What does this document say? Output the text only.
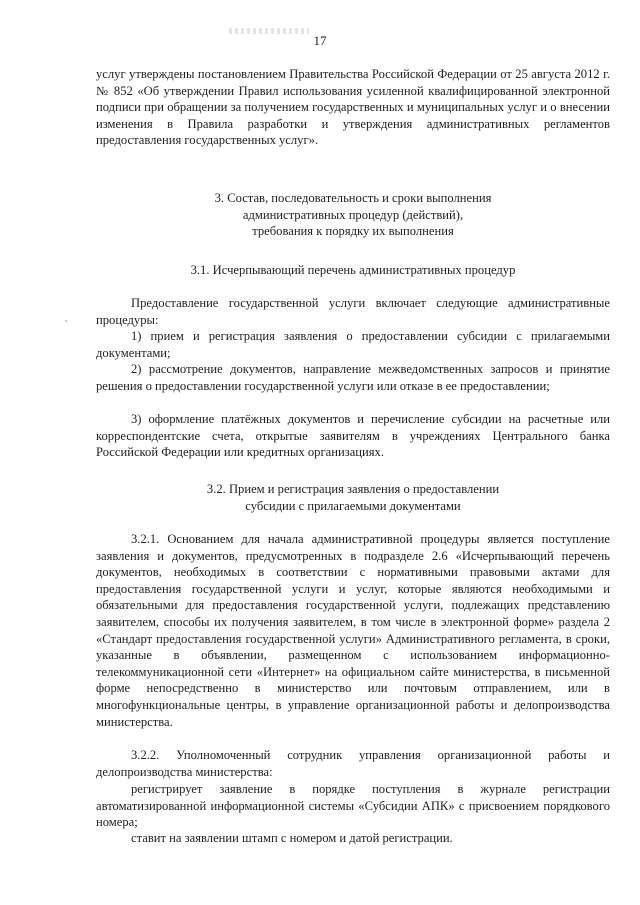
17

услуг утверждены постановлением Правительства Российской Федерации от 25 августа 2012 г. № 852 «Об утверждении Правил использования усиленной квалифицированной электронной подписи при обращении за получением государственных и муниципальных услуг и о внесении изменения в Правила разработки и утверждения административных регламентов предоставления государственных услуг».

3. Состав, последовательность и сроки выполнения
административных процедур (действий),
требования к порядку их выполнения

3.1. Исчерпывающий перечень административных процедур

Предоставление государственной услуги включает следующие административные процедуры:

1) прием и регистрация заявления о предоставлении субсидии с прилагаемыми документами;

2) рассмотрение документов, направление межведомственных запросов и принятие решения о предоставлении государственной услуги или отказе в ее предоставлении;

3) оформление платёжных документов и перечисление субсидии на расчетные или корреспондентские счета, открытые заявителям в учреждениях Центрального банка Российской Федерации или кредитных организациях.

3.2. Прием и регистрация заявления о предоставлении
субсидии с прилагаемыми документами

3.2.1. Основанием для начала административной процедуры является поступление заявления и документов, предусмотренных в подразделе 2.6 «Исчерпывающий перечень документов, необходимых в соответствии с нормативными правовыми актами для предоставления государственной услуги и услуг, которые являются необходимыми и обязательными для предоставления государственной услуги, подлежащих представлению заявителем, способы их получения заявителем, в том числе в электронной форме» раздела 2 «Стандарт предоставления государственной услуги» Административного регламента, в сроки, указанные в объявлении, размещенном с использованием информационно-телекоммуникационной сети «Интернет» на официальном сайте министерства, в письменной форме непосредственно в министерство или почтовым отправлением, или в многофункциональные центры, в управление организационной работы и делопроизводства министерства.

3.2.2. Уполномоченный сотрудник управления организационной работы и делопроизводства министерства:

регистрирует заявление в порядке поступления в журнале регистрации автоматизированной информационной системы «Субсидии АПК» с присвоением порядкового номера;

ставит на заявлении штамп с номером и датой регистрации.
